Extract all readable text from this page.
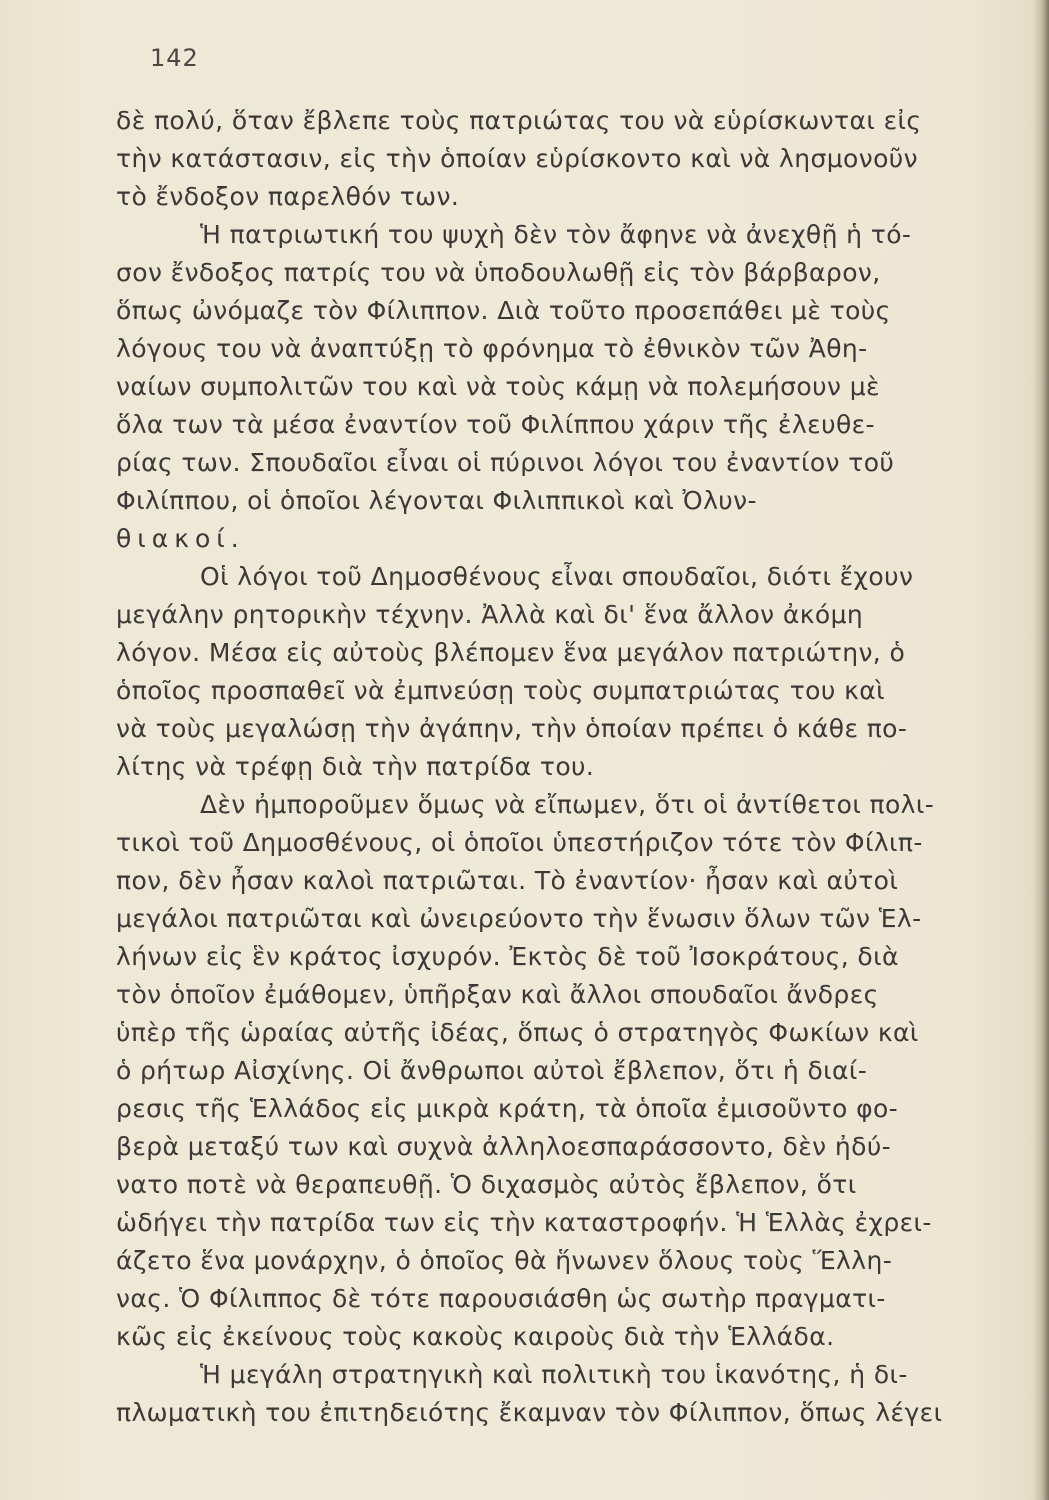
142
δὲ πολύ, ὅταν ἔβλεπε τοὺς πατριώτας του νὰ εὑρίσκωνται εἰς
τὴν κατάστασιν, εἰς τὴν ὁποίαν εὑρίσκοντο καὶ νὰ λησμονοῦν
τὸ ἔνδοξον παρελθόν των.
Ἡ πατριωτική του ψυχὴ δὲν τὸν ἄφηνε νὰ ἀνεχθῇ ἡ τό-
σον ἔνδοξος πατρίς του νὰ ὑποδουλωθῇ εἰς τὸν βάρβαρον,
ὅπως ὠνόμαζε τὸν Φίλιππον. Διὰ τοῦτο προσεπάθει μὲ τοὺς
λόγους του νὰ ἀναπτύξῃ τὸ φρόνημα τὸ ἐθνικὸν τῶν Ἀθη-
ναίων συμπολιτῶν του καὶ νὰ τοὺς κάμῃ νὰ πολεμήσουν μὲ
ὅλα των τὰ μέσα ἐναντίον τοῦ Φιλίππου χάριν τῆς ἐλευθε-
ρίας των. Σπουδαῖοι εἶναι οἱ πύρινοι λόγοι του ἐναντίον τοῦ
Φιλίππου, οἱ ὁποῖοι λέγονται Φιλιππικοὶ καὶ Ὀλυν-
θιακοί.
Οἱ λόγοι τοῦ Δημοσθένους εἶναι σπουδαῖοι, διότι ἔχουν
μεγάλην ρητορικὴν τέχνην. Ἀλλὰ καὶ δι' ἕνα ἄλλον ἀκόμη
λόγον. Μέσα εἰς αὐτοὺς βλέπομεν ἕνα μεγάλον πατριώτην, ὁ
ὁποῖος προσπαθεῖ νὰ ἐμπνεύσῃ τοὺς συμπατριώτας του καὶ
νὰ τοὺς μεγαλώσῃ τὴν ἀγάπην, τὴν ὁποίαν πρέπει ὁ κάθε πο-
λίτης νὰ τρέφῃ διὰ τὴν πατρίδα του.
Δὲν ἠμποροῦμεν ὅμως νὰ εἴπωμεν, ὅτι οἱ ἀντίθετοι πολι-
τικοὶ τοῦ Δημοσθένους, οἱ ὁποῖοι ὑπεστήριζον τότε τὸν Φίλιπ-
πον, δὲν ἦσαν καλοὶ πατριῶται. Τὸ ἐναντίον· ἦσαν καὶ αὐτοὶ
μεγάλοι πατριῶται καὶ ὠνειρεύοντο τὴν ἕνωσιν ὅλων τῶν Ἑλ-
λήνων εἰς ἓν κράτος ἰσχυρόν. Ἐκτὸς δὲ τοῦ Ἰσοκράτους, διὰ
τὸν ὁποῖον ἐμάθομεν, ὑπῆρξαν καὶ ἄλλοι σπουδαῖοι ἄνδρες
ὑπὲρ τῆς ὡραίας αὐτῆς ἰδέας, ὅπως ὁ στρατηγὸς Φωκίων καὶ
ὁ ρήτωρ Αἰσχίνης. Οἱ ἄνθρωποι αὐτοὶ ἔβλεπον, ὅτι ἡ διαί-
ρεσις τῆς Ἑλλάδος εἰς μικρὰ κράτη, τὰ ὁποῖα ἐμισοῦντο φο-
βερὰ μεταξύ των καὶ συχνὰ ἀλληλοεσπαράσσοντο, δὲν ἠδύ-
νατο ποτὲ νὰ θεραπευθῇ. Ὁ διχασμὸς αὐτὸς ἔβλεπον, ὅτι
ὡδήγει τὴν πατρίδα των εἰς τὴν καταστροφήν. Ἡ Ἑλλὰς ἐχρει-
άζετο ἕνα μονάρχην, ὁ ὁποῖος θὰ ἥνωνεν ὅλους τοὺς Ἕλλη-
νας. Ὁ Φίλιππος δὲ τότε παρουσιάσθη ὡς σωτὴρ πραγματι-
κῶς εἰς ἐκείνους τοὺς κακοὺς καιροὺς διὰ τὴν Ἑλλάδα.
Ἡ μεγάλη στρατηγικὴ καὶ πολιτικὴ του ἱκανότης, ἡ δι-
πλωματικὴ του ἐπιτηδειότης ἔκαμναν τὸν Φίλιππον, ὅπως λέγει
